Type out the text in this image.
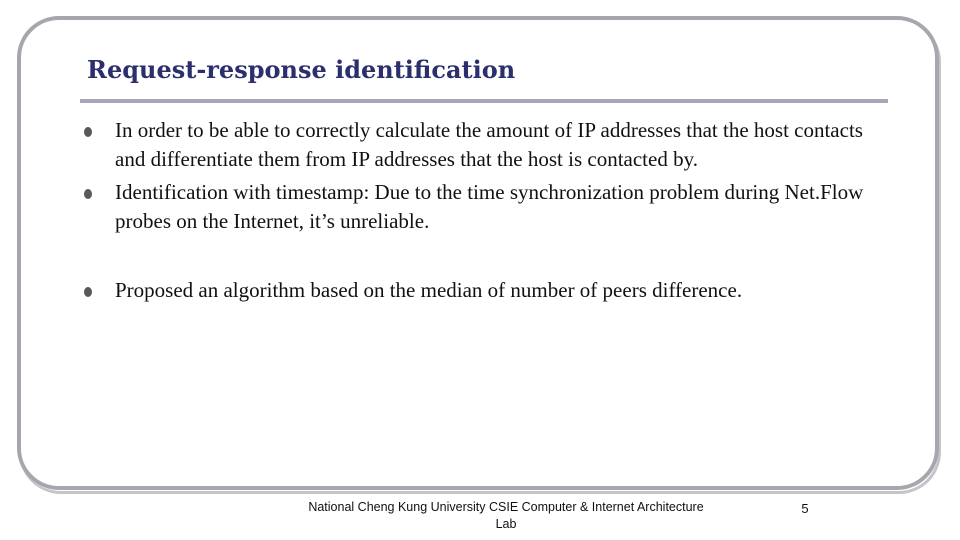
Request-response identification
In order to be able to correctly calculate the amount of IP addresses that the host contacts and differentiate them from IP addresses that the host is contacted by.
Identification with timestamp: Due to the time synchronization problem during Net.Flow probes on the Internet, it’s unreliable.
Proposed an algorithm based on the median of number of peers difference.
National Cheng Kung University CSIE Computer & Internet Architecture Lab
5
